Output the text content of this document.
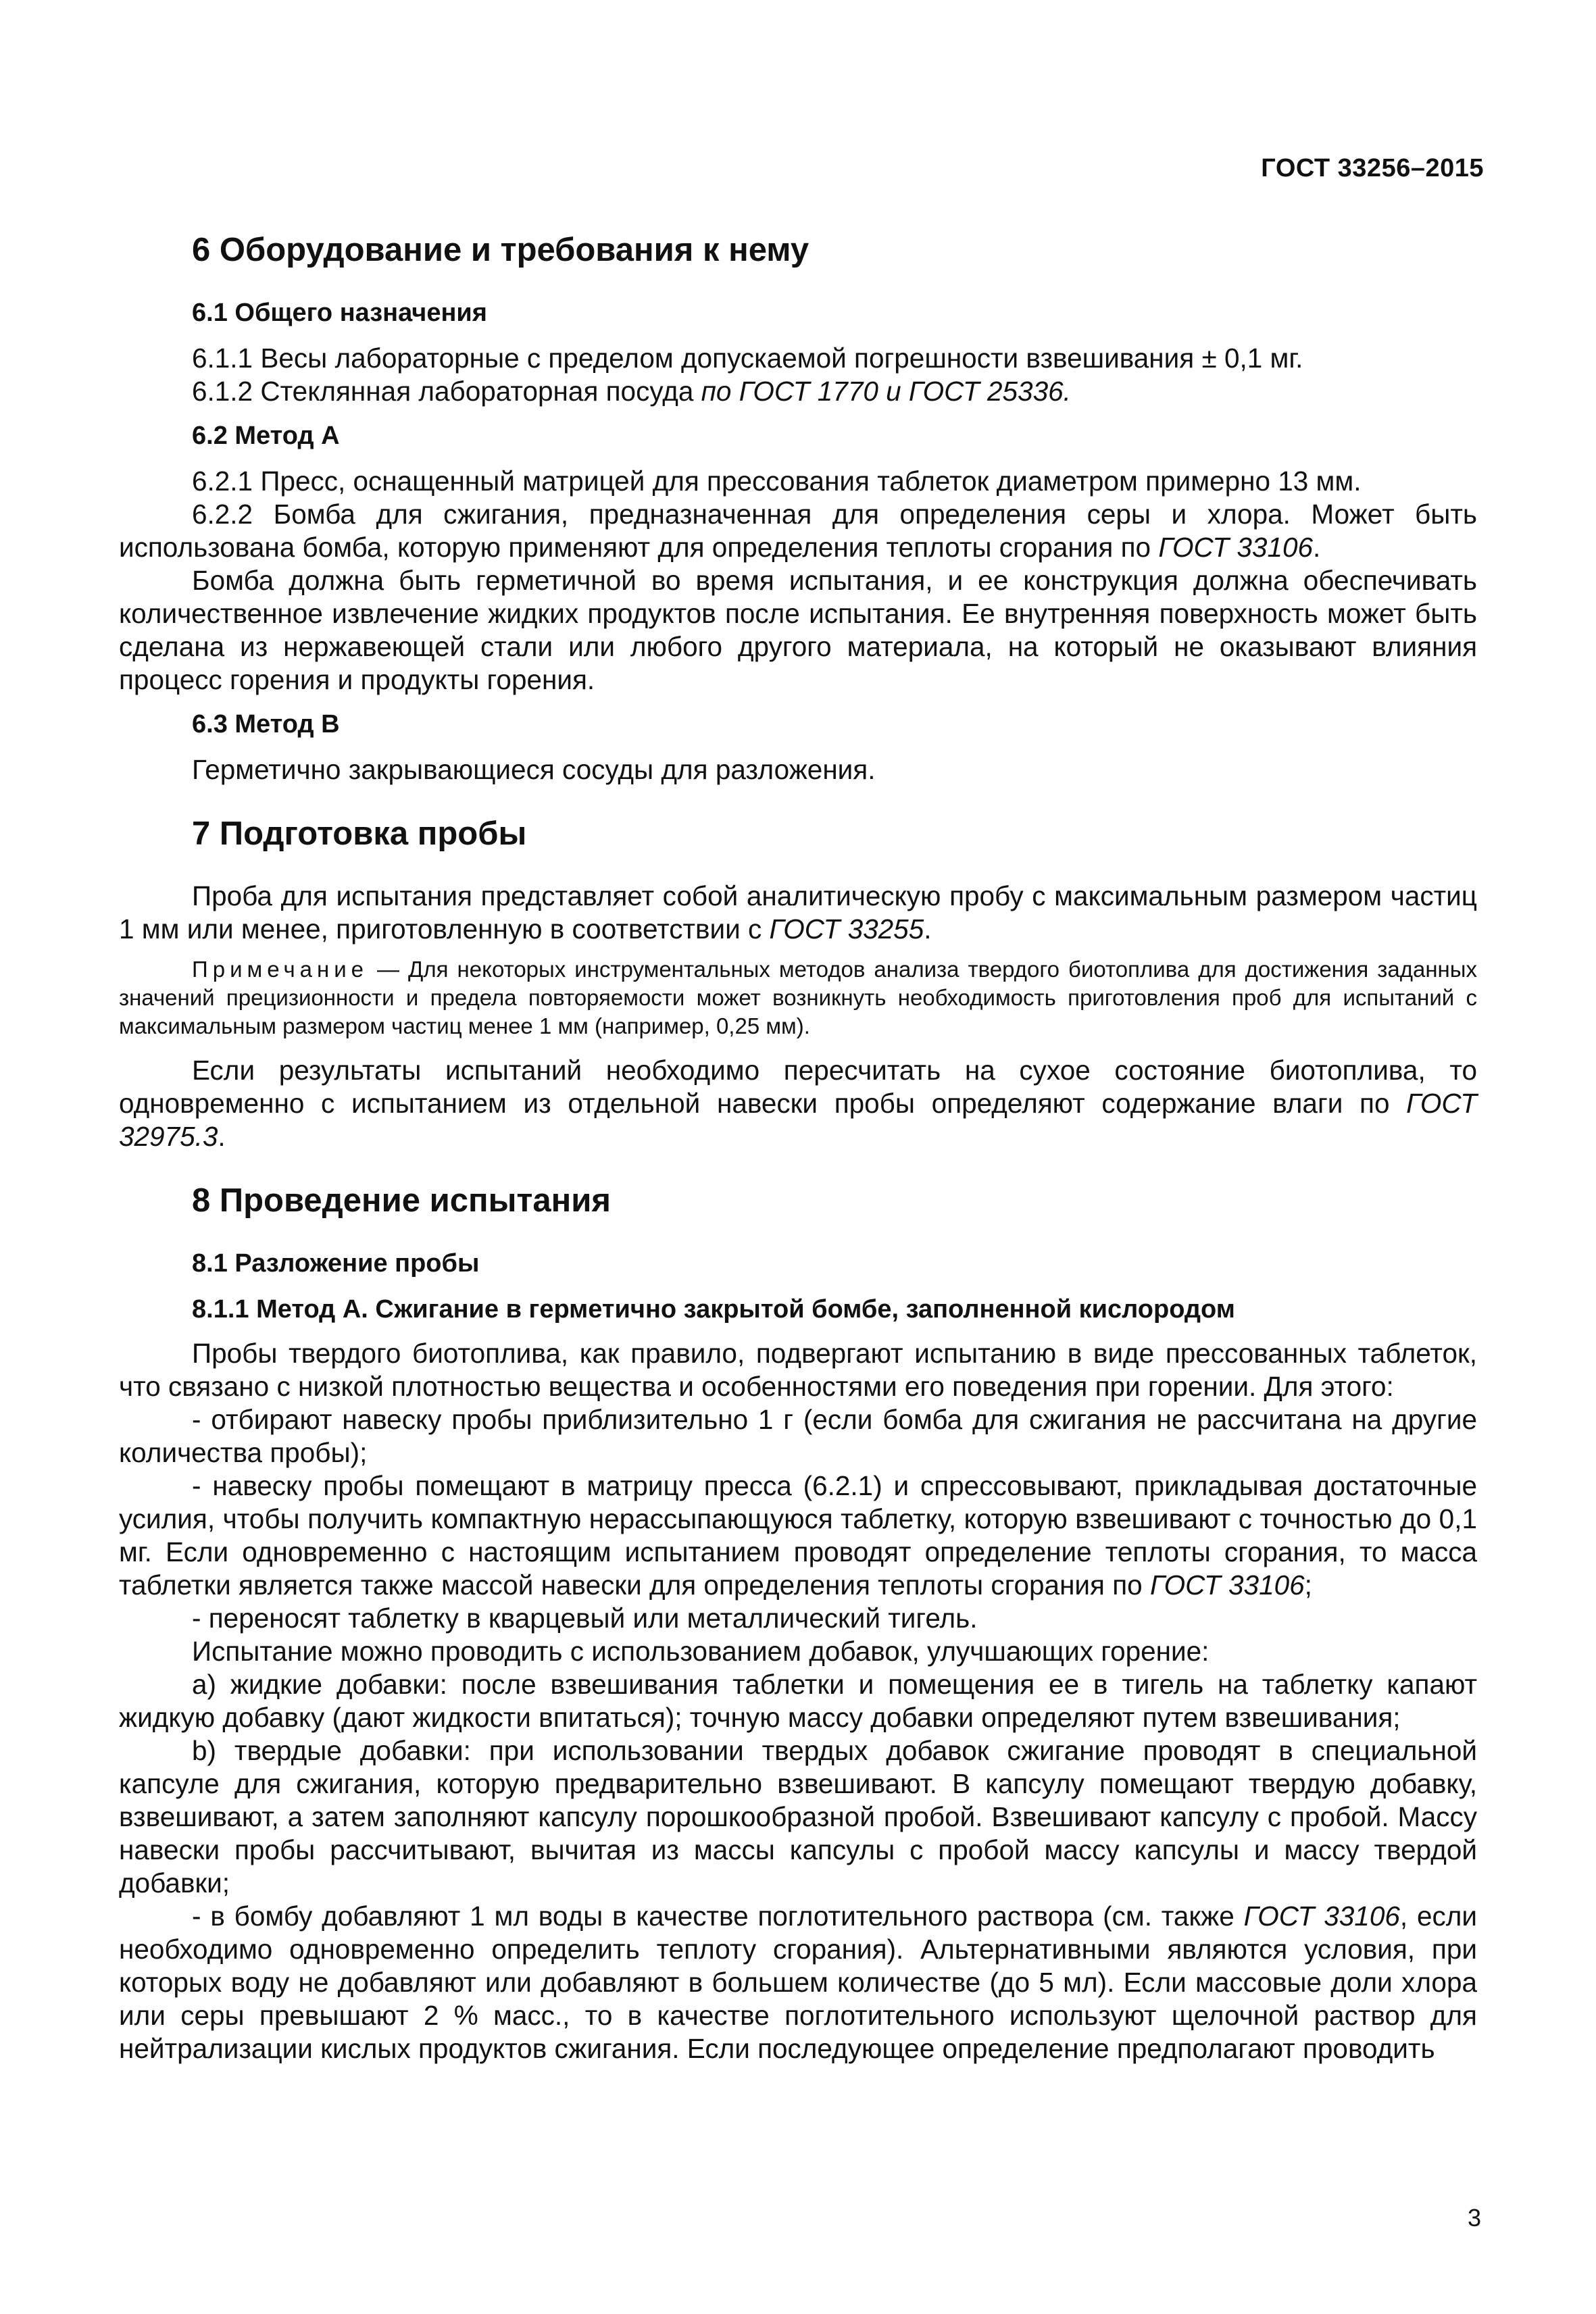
ГОСТ 33256–2015
6 Оборудование и требования к нему
6.1 Общего назначения

6.1.1 Весы лабораторные с пределом допускаемой погрешности взвешивания ± 0,1 мг.

6.1.2 Стеклянная лабораторная посуда по ГОСТ 1770 и ГОСТ 25336.

6.2 Метод А

6.2.1 Пресс, оснащенный матрицей для прессования таблеток диаметром примерно 13 мм.

6.2.2 Бомба для сжигания, предназначенная для определения серы и хлора. Может быть использована бомба, которую применяют для определения теплоты сгорания по ГОСТ 33106.

Бомба должна быть герметичной во время испытания, и ее конструкция должна обеспечивать количественное извлечение жидких продуктов после испытания. Ее внутренняя поверхность может быть сделана из нержавеющей стали или любого другого материала, на который не оказывают влияния процесс горения и продукты горения.

6.3 Метод В

Герметично закрывающиеся сосуды для разложения.

7 Подготовка пробы

Проба для испытания представляет собой аналитическую пробу с максимальным размером частиц 1 мм или менее, приготовленную в соответствии с ГОСТ 33255.

Примечание — Для некоторых инструментальных методов анализа твердого биотоплива для достижения заданных значений прецизионности и предела повторяемости может возникнуть необходимость приготовления проб для испытаний с максимальным размером частиц менее 1 мм (например, 0,25 мм).

Если результаты испытаний необходимо пересчитать на сухое состояние биотоплива, то одновременно с испытанием из отдельной навески пробы определяют содержание влаги по ГОСТ 32975.3.

8 Проведение испытания
8.1 Разложение пробы
8.1.1 Метод А. Сжигание в герметично закрытой бомбе, заполненной кислородом

Пробы твердого биотоплива, как правило, подвергают испытанию в виде прессованных таблеток, что связано с низкой плотностью вещества и особенностями его поведения при горении. Для этого:

- отбирают навеску пробы приблизительно 1 г (если бомба для сжигания не рассчитана на другие количества пробы);

- навеску пробы помещают в матрицу пресса (6.2.1) и спрессовывают, прикладывая достаточные усилия, чтобы получить компактную нерассыпающуюся таблетку, которую взвешивают с точностью до 0,1 мг. Если одновременно с настоящим испытанием проводят определение теплоты сгорания, то масса таблетки является также массой навески для определения теплоты сгорания по ГОСТ 33106;

- переносят таблетку в кварцевый или металлический тигель.

Испытание можно проводить с использованием добавок, улучшающих горение:

а) жидкие добавки: после взвешивания таблетки и помещения ее в тигель на таблетку капают жидкую добавку (дают жидкости впитаться); точную массу добавки определяют путем взвешивания;

b) твердые добавки: при использовании твердых добавок сжигание проводят в специальной капсуле для сжигания, которую предварительно взвешивают. В капсулу помещают твердую добавку, взвешивают, а затем заполняют капсулу порошкообразной пробой. Взвешивают капсулу с пробой. Массу навески пробы рассчитывают, вычитая из массы капсулы с пробой массу капсулы и массу твердой добавки;

- в бомбу добавляют 1 мл воды в качестве поглотительного раствора (см. также ГОСТ 33106, если необходимо одновременно определить теплоту сгорания). Альтернативными являются условия, при которых воду не добавляют или добавляют в большем количестве (до 5 мл). Если массовые доли хлора или серы превышают 2 % масс., то в качестве поглотительного используют щелочной раствор для нейтрализации кислых продуктов сжигания. Если последующее определение предполагают проводить

3
